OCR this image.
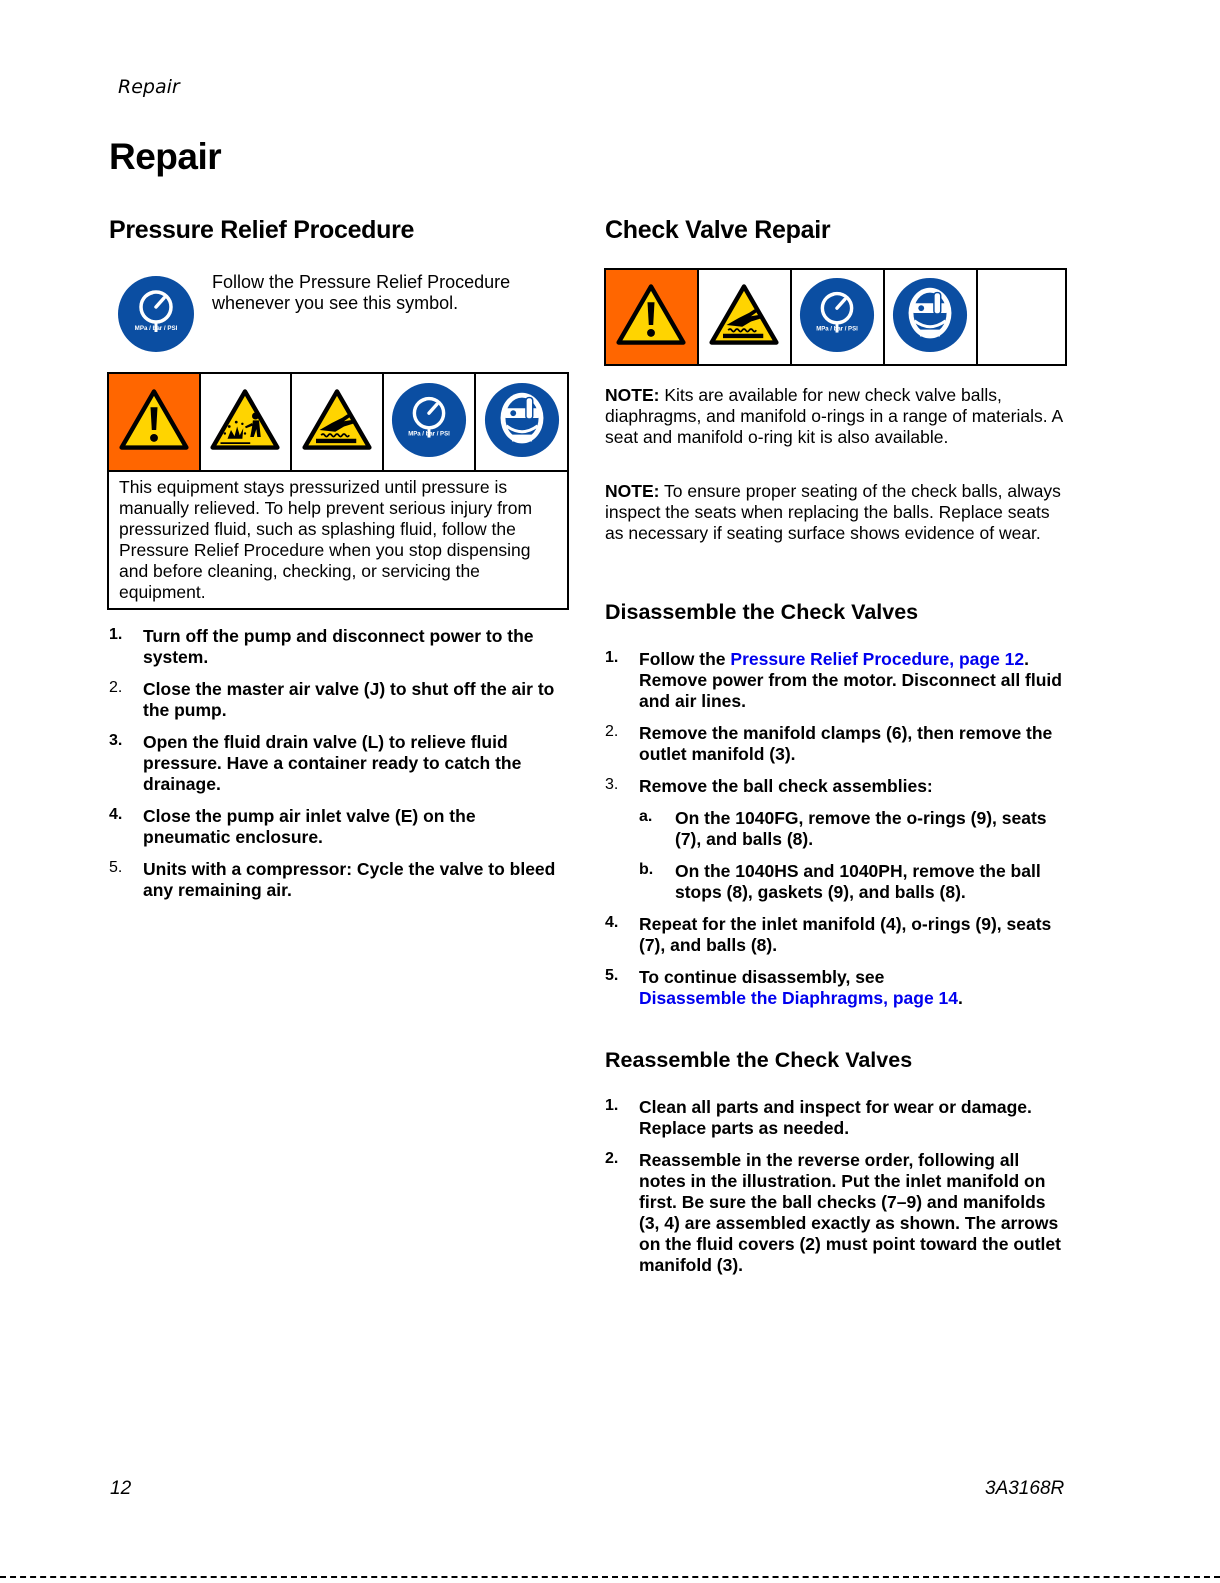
Repair
Repair
Pressure Relief Procedure
Follow the Pressure Relief Procedure whenever you see this symbol.

This equipment stays pressurized until pressure is manually relieved. To help prevent serious injury from pressurized fluid, such as splashing fluid, follow the Pressure Relief Procedure when you stop dispensing and before cleaning, checking, or servicing the equipment.
1. Turn off the pump and disconnect power to the system.
2. Close the master air valve (J) to shut off the air to the pump.
3. Open the fluid drain valve (L) to relieve fluid pressure. Have a container ready to catch the drainage.
4. Close the pump air inlet valve (E) on the pneumatic enclosure.
5. Units with a compressor: Cycle the valve to bleed any remaining air.
Check Valve Repair

NOTE: Kits are available for new check valve balls, diaphragms, and manifold o-rings in a range of materials. A seat and manifold o-ring kit is also available.
NOTE: To ensure proper seating of the check balls, always inspect the seats when replacing the balls. Replace seats as necessary if seating surface shows evidence of wear.
Disassemble the Check Valves
1. Follow the Pressure Relief Procedure, page 12. Remove power from the motor. Disconnect all fluid and air lines.
2. Remove the manifold clamps (6), then remove the outlet manifold (3).
3. Remove the ball check assemblies:
a. On the 1040FG, remove the o-rings (9), seats (7), and balls (8).
b. On the 1040HS and 1040PH, remove the ball stops (8), gaskets (9), and balls (8).
4. Repeat for the inlet manifold (4), o-rings (9), seats (7), and balls (8).
5. To continue disassembly, see
Disassemble the Diaphragms, page 14.
Reassemble the Check Valves
1. Clean all parts and inspect for wear or damage. Replace parts as needed.
2. Reassemble in the reverse order, following all notes in the illustration. Put the inlet manifold on first. Be sure the ball checks (7–9) and manifolds (3, 4) are assembled exactly as shown. The arrows on the fluid covers (2) must point toward the outlet manifold (3).
12	3A3168R
